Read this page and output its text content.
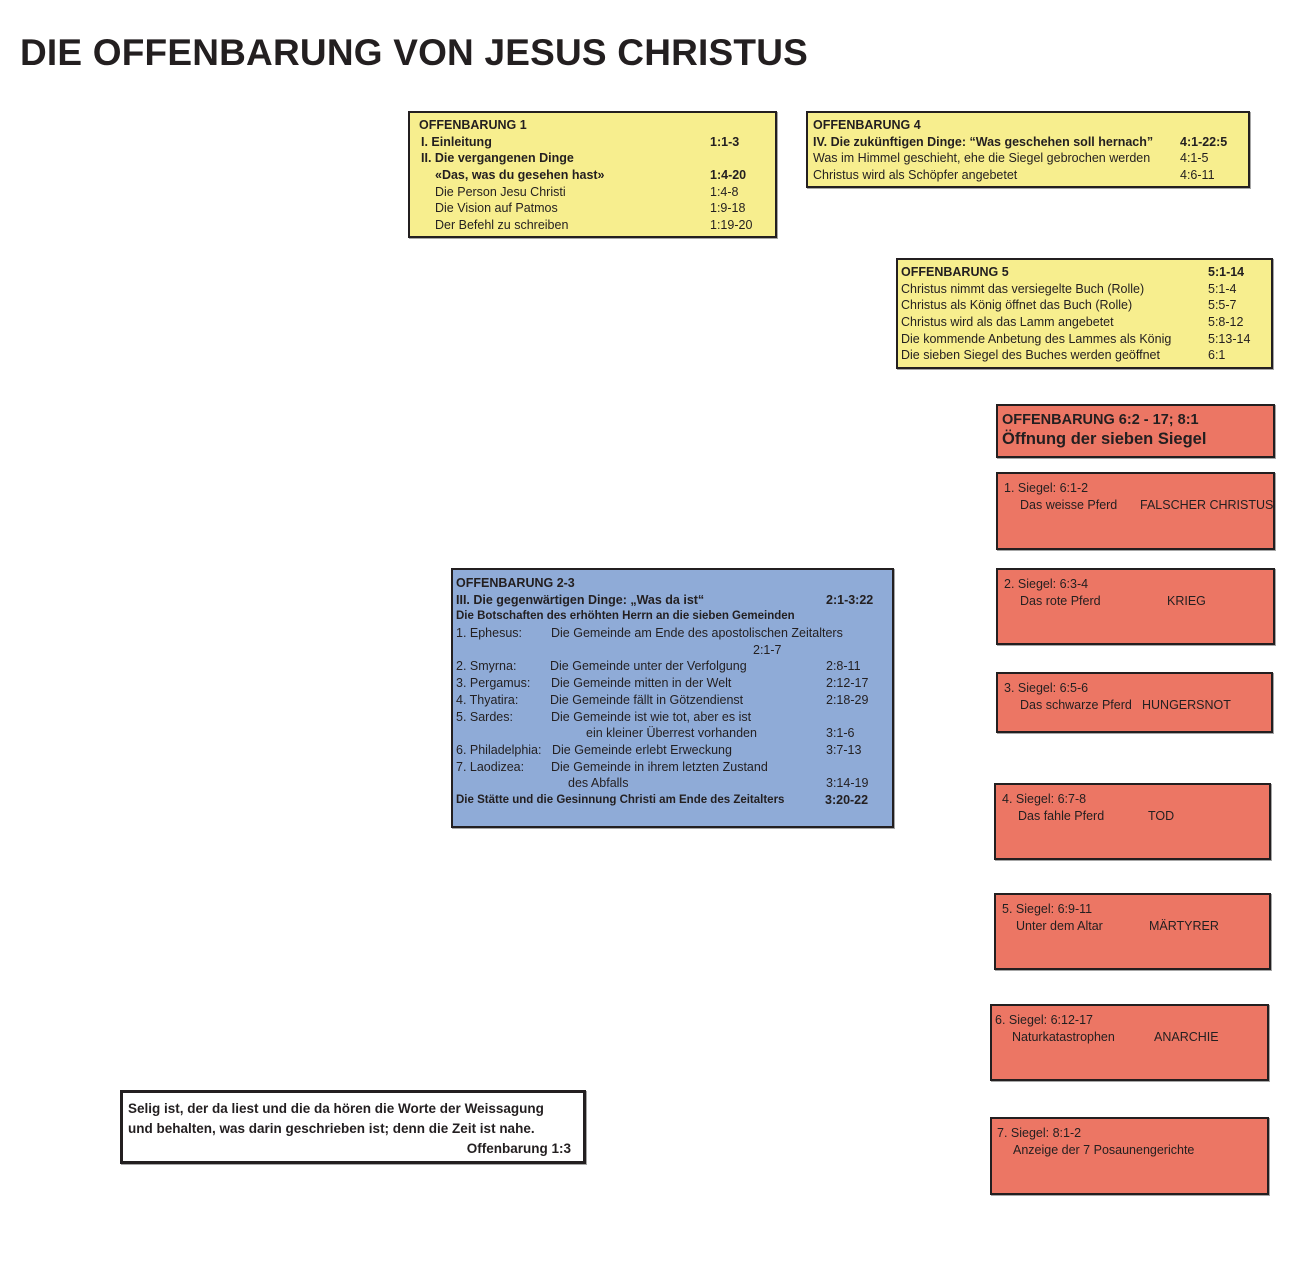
DIE OFFENBARUNG VON JESUS CHRISTUS
OFFENBARUNG 1
I. Einleitung	1:1-3
II. Die vergangenen Dinge
«Das, was du gesehen hast»	1:4-20
Die Person Jesu Christi	1:4-8
Die Vision auf Patmos	1:9-18
Der Befehl zu schreiben	1:19-20
OFFENBARUNG 4
IV. Die zukünftigen Dinge: “Was geschehen soll hernach” 4:1-22:5
Was im Himmel geschieht, ehe die Siegel gebrochen werden 4:1-5
Christus wird als Schöpfer angebetet	4:6-11
OFFENBARUNG 5	5:1-14
Christus nimmt das versiegelte Buch (Rolle)	5:1-4
Christus als König öffnet das Buch (Rolle)	5:5-7
Christus wird als das Lamm angebetet	5:8-12
Die kommende Anbetung des Lammes als König	5:13-14
Die sieben Siegel des Buches werden geöffnet	6:1
OFFENBARUNG 2-3
III. Die gegenwärtigen Dinge: „Was da ist“	2:1-3:22
Die Botschaften des erhöhten Herrn an die sieben Gemeinden
1. Ephesus: Die Gemeinde am Ende des apostolischen Zeitalters
2:1-7
2. Smyrna:	Die Gemeinde unter der Verfolgung	2:8-11
3. Pergamus: Die Gemeinde mitten in der Welt	2:12-17
4. Thyatira:	Die Gemeinde fällt in Götzendienst	2:18-29
5. Sardes:	Die Gemeinde ist wie tot, aber es ist
ein kleiner Überrest vorhanden	3:1-6
6. Philadelphia: Die Gemeinde erlebt Erweckung	3:7-13
7. Laodizea: Die Gemeinde in ihrem letzten Zustand
des Abfalls	3:14-19
Die Stätte und die Gesinnung Christi am Ende des Zeitalters	3:20-22
OFFENBARUNG 6:2 - 17; 8:1
Öffnung der sieben Siegel
1. Siegel: 6:1-2
Das weisse Pferd FALSCHER CHRISTUS
2. Siegel: 6:3-4
Das rote Pferd	KRIEG
3. Siegel: 6:5-6
Das schwarze Pferd HUNGERSNOT
4. Siegel: 6:7-8
Das fahle Pferd	TOD
5. Siegel: 6:9-11
Unter dem Altar	MÄRTYRER
6. Siegel: 6:12-17
Naturkatastrophen	ANARCHIE
7. Siegel: 8:1-2
Anzeige der 7 Posaunengerichte
Selig ist, der da liest und die da hören die Worte der Weissagung
und behalten, was darin geschrieben ist; denn die Zeit ist nahe.
Offenbarung 1:3
